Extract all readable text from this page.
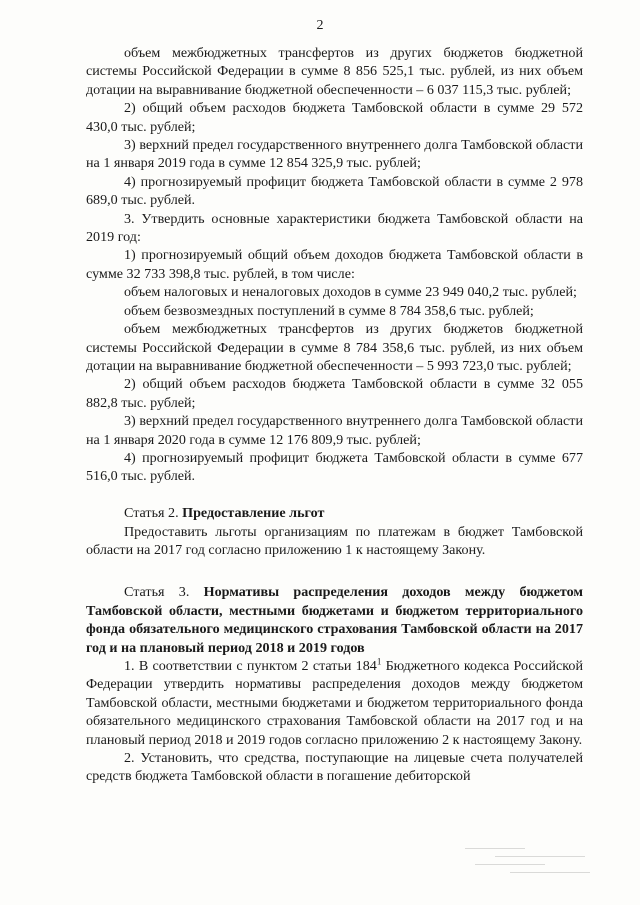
2

объем межбюджетных трансфертов из других бюджетов бюджетной системы Российской Федерации в сумме 8 856 525,1 тыс. рублей, из них объем дотации на выравнивание бюджетной обеспеченности – 6 037 115,3 тыс. рублей;

2) общий объем расходов бюджета Тамбовской области в сумме 29 572 430,0 тыс. рублей;

3) верхний предел государственного внутреннего долга Тамбовской области на 1 января 2019 года в сумме 12 854 325,9 тыс. рублей;

4) прогнозируемый профицит бюджета Тамбовской области в сумме 2 978 689,0 тыс. рублей.

3. Утвердить основные характеристики бюджета Тамбовской области на 2019 год:

1) прогнозируемый общий объем доходов бюджета Тамбовской области в сумме 32 733 398,8 тыс. рублей, в том числе:

объем налоговых и неналоговых доходов в сумме 23 949 040,2 тыс. рублей;

объем безвозмездных поступлений в сумме 8 784 358,6 тыс. рублей;

объем межбюджетных трансфертов из других бюджетов бюджетной системы Российской Федерации в сумме 8 784 358,6 тыс. рублей, из них объем дотации на выравнивание бюджетной обеспеченности – 5 993 723,0 тыс. рублей;

2) общий объем расходов бюджета Тамбовской области в сумме 32 055 882,8 тыс. рублей;

3) верхний предел государственного внутреннего долга Тамбовской области на 1 января 2020 года в сумме 12 176 809,9 тыс. рублей;

4) прогнозируемый профицит бюджета Тамбовской области в сумме 677 516,0 тыс. рублей.

Статья 2. Предоставление льгот

Предоставить льготы организациям по платежам в бюджет Тамбовской области на 2017 год согласно приложению 1 к настоящему Закону.

Статья 3. Нормативы распределения доходов между бюджетом Тамбовской области, местными бюджетами и бюджетом территориального фонда обязательного медицинского страхования Тамбовской области на 2017 год и на плановый период 2018 и 2019 годов

1. В соответствии с пунктом 2 статьи $184^1$ Бюджетного кодекса Российской Федерации утвердить нормативы распределения доходов между бюджетом Тамбовской области, местными бюджетами и бюджетом территориального фонда обязательного медицинского страхования Тамбовской области на 2017 год и на плановый период 2018 и 2019 годов согласно приложению 2 к настоящему Закону.

2. Установить, что средства, поступающие на лицевые счета получателей средств бюджета Тамбовской области в погашение дебиторской
